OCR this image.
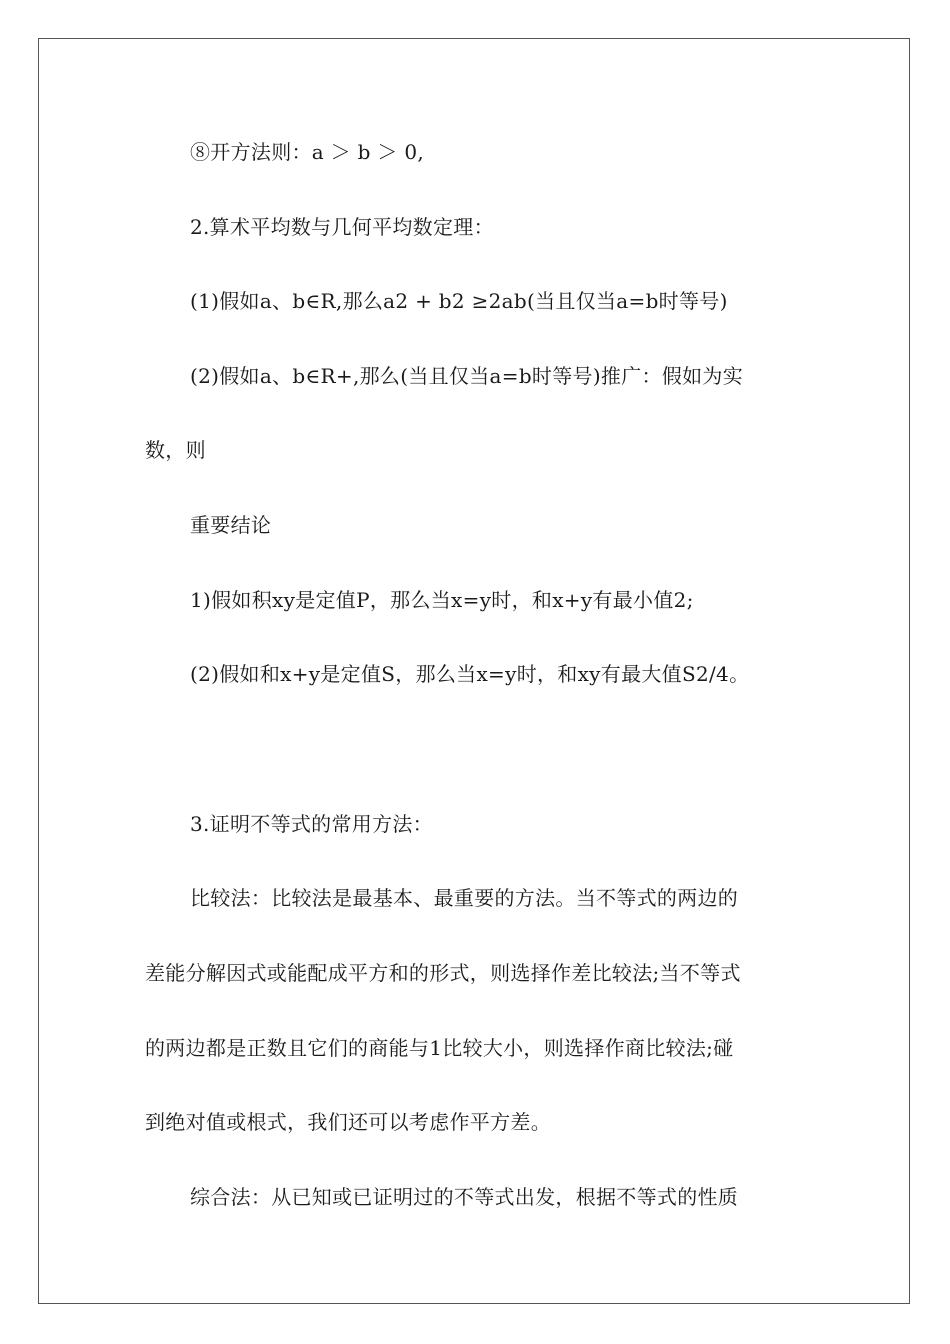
⑧开方法则：a ＞ b ＞ 0,
2.算术平均数与几何平均数定理：
(1)假如a、b∈R,那么a2 + b2 ≥2ab(当且仅当a=b时等号)
(2)假如a、b∈R+,那么(当且仅当a=b时等号)推广：假如为实
数，则
重要结论
1)假如积xy是定值P，那么当x=y时，和x+y有最小值2;
(2)假如和x+y是定值S，那么当x=y时，和xy有最大值S2/4。
3.证明不等式的常用方法：
比较法：比较法是最基本、最重要的方法。当不等式的两边的
差能分解因式或能配成平方和的形式，则选择作差比较法;当不等式
的两边都是正数且它们的商能与1比较大小，则选择作商比较法;碰
到绝对值或根式，我们还可以考虑作平方差。
综合法：从已知或已证明过的不等式出发，根据不等式的性质
